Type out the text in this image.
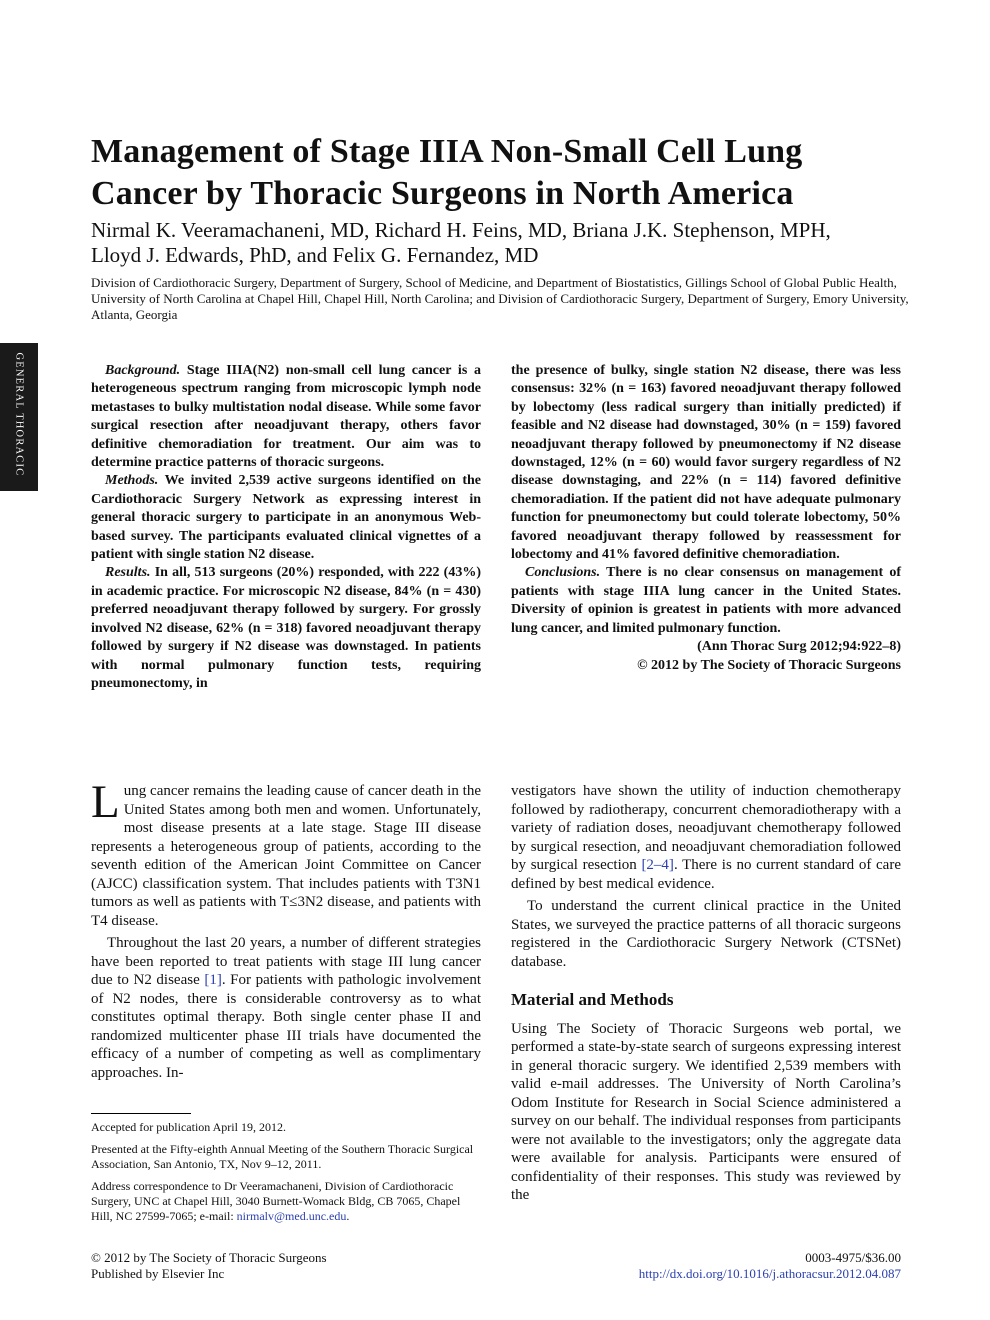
GENERAL THORACIC
Management of Stage IIIA Non-Small Cell Lung Cancer by Thoracic Surgeons in North America
Nirmal K. Veeramachaneni, MD, Richard H. Feins, MD, Briana J.K. Stephenson, MPH,
Lloyd J. Edwards, PhD, and Felix G. Fernandez, MD
Division of Cardiothoracic Surgery, Department of Surgery, School of Medicine, and Department of Biostatistics, Gillings School of Global Public Health, University of North Carolina at Chapel Hill, Chapel Hill, North Carolina; and Division of Cardiothoracic Surgery, Department of Surgery, Emory University, Atlanta, Georgia

Background. Stage IIIA(N2) non-small cell lung cancer is a heterogeneous spectrum ranging from microscopic lymph node metastases to bulky multistation nodal disease. While some favor surgical resection after neoadjuvant therapy, others favor definitive chemoradiation for treatment. Our aim was to determine practice patterns of thoracic surgeons.

Methods. We invited 2,539 active surgeons identified on the Cardiothoracic Surgery Network as expressing interest in general thoracic surgery to participate in an anonymous Web-based survey. The participants evaluated clinical vignettes of a patient with single station N2 disease.

Results. In all, 513 surgeons (20%) responded, with 222 (43%) in academic practice. For microscopic N2 disease, 84% (n = 430) preferred neoadjuvant therapy followed by surgery. For grossly involved N2 disease, 62% (n = 318) favored neoadjuvant therapy followed by surgery if N2 disease was downstaged. In patients with normal pulmonary function tests, requiring pneumonectomy, in

the presence of bulky, single station N2 disease, there was less consensus: 32% (n = 163) favored neoadjuvant therapy followed by lobectomy (less radical surgery than initially predicted) if feasible and N2 disease had downstaged, 30% (n = 159) favored neoadjuvant therapy followed by pneumonectomy if N2 disease downstaged, 12% (n = 60) would favor surgery regardless of N2 disease downstaging, and 22% (n = 114) favored definitive chemoradiation. If the patient did not have adequate pulmonary function for pneumonectomy but could tolerate lobectomy, 50% favored neoadjuvant therapy followed by reassessment for lobectomy and 41% favored definitive chemoradiation.

Conclusions. There is no clear consensus on management of patients with stage IIIA lung cancer in the United States. Diversity of opinion is greatest in patients with more advanced lung cancer, and limited pulmonary function.

(Ann Thorac Surg 2012;94:922–8)

© 2012 by The Society of Thoracic Surgeons

Lung cancer remains the leading cause of cancer death in the United States among both men and women. Unfortunately, most disease presents at a late stage. Stage III disease represents a heterogeneous group of patients, according to the seventh edition of the American Joint Committee on Cancer (AJCC) classification system. That includes patients with T3N1 tumors as well as patients with T≤3N2 disease, and patients with T4 disease.

Throughout the last 20 years, a number of different strategies have been reported to treat patients with stage III lung cancer due to N2 disease [1]. For patients with pathologic involvement of N2 nodes, there is considerable controversy as to what constitutes optimal therapy. Both single center phase II and randomized multicenter phase III trials have documented the efficacy of a number of competing as well as complimentary approaches. In-

vestigators have shown the utility of induction chemotherapy followed by radiotherapy, concurrent chemoradiotherapy with a variety of radiation doses, neoadjuvant chemotherapy followed by surgical resection, and neoadjuvant chemoradiation followed by surgical resection [2–4]. There is no current standard of care defined by best medical evidence.

To understand the current clinical practice in the United States, we surveyed the practice patterns of all thoracic surgeons registered in the Cardiothoracic Surgery Network (CTSNet) database.

Material and Methods

Using The Society of Thoracic Surgeons web portal, we performed a state-by-state search of surgeons expressing interest in general thoracic surgery. We identified 2,539 members with valid e-mail addresses. The University of North Carolina’s Odom Institute for Research in Social Science administered a survey on our behalf. The individual responses from participants were not available to the investigators; only the aggregate data were available for analysis. Participants were ensured of confidentiality of their responses. This study was reviewed by the

Accepted for publication April 19, 2012.

Presented at the Fifty-eighth Annual Meeting of the Southern Thoracic Surgical Association, San Antonio, TX, Nov 9–12, 2011.

Address correspondence to Dr Veeramachaneni, Division of Cardiothoracic Surgery, UNC at Chapel Hill, 3040 Burnett-Womack Bldg, CB 7065, Chapel Hill, NC 27599-7065; e-mail: nirmalv@med.unc.edu.

© 2012 by The Society of Thoracic Surgeons
Published by Elsevier Inc
0003-4975/$36.00
http://dx.doi.org/10.1016/j.athoracsur.2012.04.087
